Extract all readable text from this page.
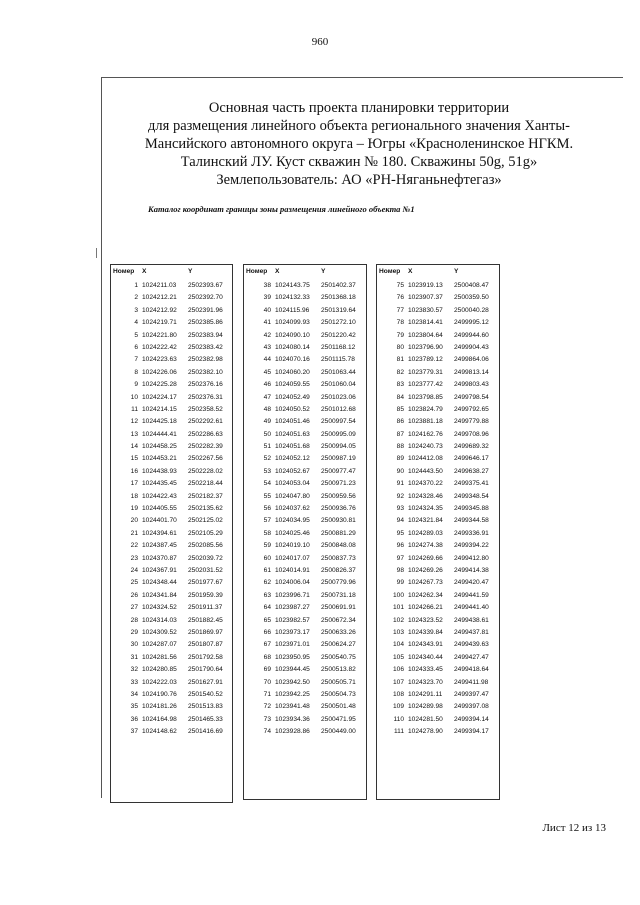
960
Основная часть проекта планировки территории
для размещения линейного объекта регионального значения Ханты-
Мансийского автономного округа – Югры «Красноленинское НГКМ.
Талинский ЛУ. Куст скважин № 180. Скважины 50g, 51g»
Землепользователь: АО «РН-Няганьнефтегаз»
Каталог координат границы зоны размещения линейного объекта №1
Номер	X	Y
1 1024211.03 2502393.67
2 1024212.21 2502392.70
3 1024212.92 2502391.96
4 1024219.71 2502385.86
5 1024221.80 2502383.94
6 1024222.42 2502383.42
7 1024223.63 2502382.98
8 1024226.06 2502382.10
9 1024225.28 2502376.16
10 1024224.17 2502376.31
11 1024214.15 2502358.52
12 1024425.18 2502292.61
13 1024444.41 2502286.63
14 1024458.25 2502282.39
15 1024453.21 2502267.56
16 1024438.93 2502228.02
17 1024435.45 2502218.44
18 1024422.43 2502182.37
19 1024405.55 2502135.62
20 1024401.70 2502125.02
21 1024394.61 2502105.29
22 1024387.45 2502085.56
23 1024370.87 2502039.72
24 1024367.91 2502031.52
25 1024348.44 2501977.67
26 1024341.84 2501959.39
27 1024324.52 2501911.37
28 1024314.03 2501882.45
29 1024309.52 2501869.97
30 1024287.07 2501807.87
31 1024281.56 2501792.58
32 1024280.85 2501790.64
33 1024222.03 2501627.91
34 1024190.76 2501540.52
35 1024181.26 2501513.83
36 1024164.98 2501465.33
37 1024148.62 2501416.69
Номер	X	Y
38 1024143.75 2501402.37
39 1024132.33 2501368.18
40 1024115.96 2501319.64
41 1024099.93 2501272.10
42 1024090.10 2501220.42
43 1024080.14 2501168.12
44 1024070.16 2501115.78
45 1024060.20 2501063.44
46 1024059.55 2501060.04
47 1024052.49 2501023.06
48 1024050.52 2501012.68
49 1024051.46 2500997.54
50 1024051.63 2500995.09
51 1024051.68 2500994.05
52 1024052.12 2500987.19
53 1024052.67 2500977.47
54 1024053.04 2500971.23
55 1024047.80 2500959.56
56 1024037.62 2500936.76
57 1024034.95 2500930.81
58 1024025.46 2500881.29
59 1024019.10 2500848.08
60 1024017.07 2500837.73
61 1024014.91 2500826.37
62 1024006.04 2500779.96
63 1023996.71 2500731.18
64 1023987.27 2500691.91
65 1023982.57 2500672.34
66 1023973.17 2500633.26
67 1023971.01 2500624.27
68 1023950.95 2500540.75
69 1023944.45 2500513.82
70 1023942.50 2500505.71
71 1023942.25 2500504.73
72 1023941.48 2500501.48
73 1023934.36 2500471.95
74 1023928.86 2500449.00
Номер	X	Y
75 1023919.13 2500408.47
76 1023907.37 2500359.50
77 1023830.57 2500040.28
78 1023814.41 2499995.12
79 1023804.64 2499944.60
80 1023796.90 2499904.43
81 1023789.12 2499864.06
82 1023779.31 2499813.14
83 1023777.42 2499803.43
84 1023798.85 2499798.54
85 1023824.79 2499792.65
86 1023881.18 2499779.88
87 1024162.76 2499708.96
88 1024240.73 2499689.32
89 1024412.08 2499646.17
90 1024443.50 2499638.27
91 1024370.22 2499375.41
92 1024328.46 2499348.54
93 1024324.35 2499345.88
94 1024321.84 2499344.58
95 1024289.03 2499336.91
96 1024274.38 2499394.22
97 1024269.66 2499412.80
98 1024269.26 2499414.38
99 1024267.73 2499420.47
100 1024262.34 2499441.59
101 1024266.21 2499441.40
102 1024323.52 2499438.61
103 1024339.84 2499437.81
104 1024343.91 2499439.63
105 1024340.44 2499427.47
106 1024333.45 2499418.64
107 1024323.70 2499411.98
108 1024291.11 2499397.47
109 1024289.98 2499397.08
110 1024281.50 2499394.14
111 1024278.90 2499394.17
Лист 12 из 13
